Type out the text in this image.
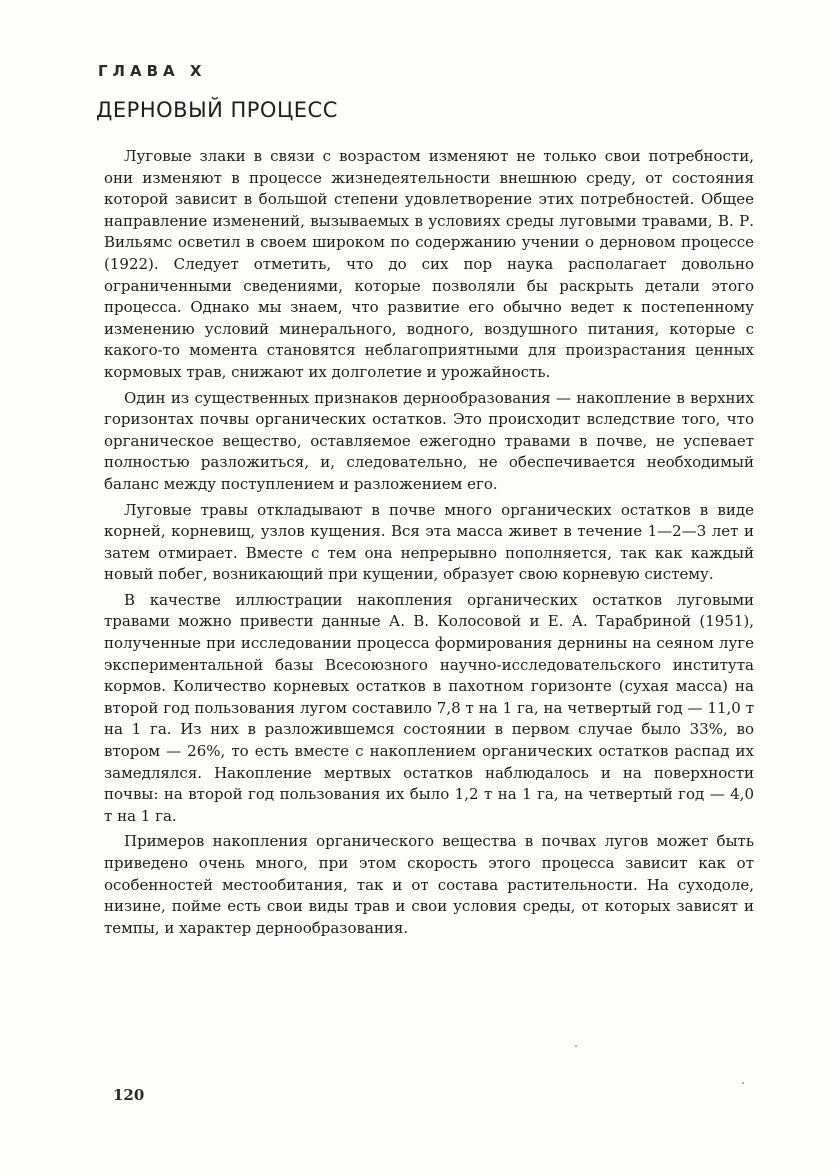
ГЛАВА X
ДЕРНОВЫЙ ПРОЦЕСС

Луговые злаки в связи с возрастом изменяют не только свои потребности, они изменяют в процессе жизнедеятельности внешнюю среду, от состояния которой зависит в большой степени удовлетворение этих потребностей. Общее направление изменений, вызываемых в условиях среды луговыми травами, В. Р. Вильямс осветил в своем широком по содержанию учении о дерновом процессе (1922). Следует отметить, что до сих пор наука располагает довольно ограниченными сведениями, которые позволяли бы раскрыть детали этого процесса. Однако мы знаем, что развитие его обычно ведет к постепенному изменению условий минерального, водного, воздушного питания, которые с какого-то момента становятся неблагоприятными для произрастания ценных кормовых трав, снижают их долголетие и урожайность.

Один из существенных признаков дернообразования — накопление в верхних горизонтах почвы органических остатков. Это происходит вследствие того, что органическое вещество, оставляемое ежегодно травами в почве, не успевает полностью разложиться, и, следовательно, не обеспечивается необходимый баланс между поступлением и разложением его.

Луговые травы откладывают в почве много органических остатков в виде корней, корневищ, узлов кущения. Вся эта масса живет в течение 1—2—3 лет и затем отмирает. Вместе с тем она непрерывно пополняется, так как каждый новый побег, возникающий при кущении, образует свою корневую систему.

В качестве иллюстрации накопления органических остатков луговыми травами можно привести данные А. В. Колосовой и Е. А. Тарабриной (1951), полученные при исследовании процесса формирования дернины на сеяном луге экспериментальной базы Всесоюзного научно-исследовательского института кормов. Количество корневых остатков в пахотном горизонте (сухая масса) на второй год пользования лугом составило 7,8 т на 1 га, на четвертый год — 11,0 т на 1 га. Из них в разложившемся состоянии в первом случае было 33%, во втором — 26%, то есть вместе с накоплением органических остатков распад их замедлялся. Накопление мертвых остатков наблюдалось и на поверхности почвы: на второй год пользования их было 1,2 т на 1 га, на четвертый год — 4,0 т на 1 га.

Примеров накопления органического вещества в почвах лугов может быть приведено очень много, при этом скорость этого процесса зависит как от особенностей местообитания, так и от состава растительности. На суходоле, низине, пойме есть свои виды трав и свои условия среды, от которых зависят и темпы, и характер дернообразования.

120
